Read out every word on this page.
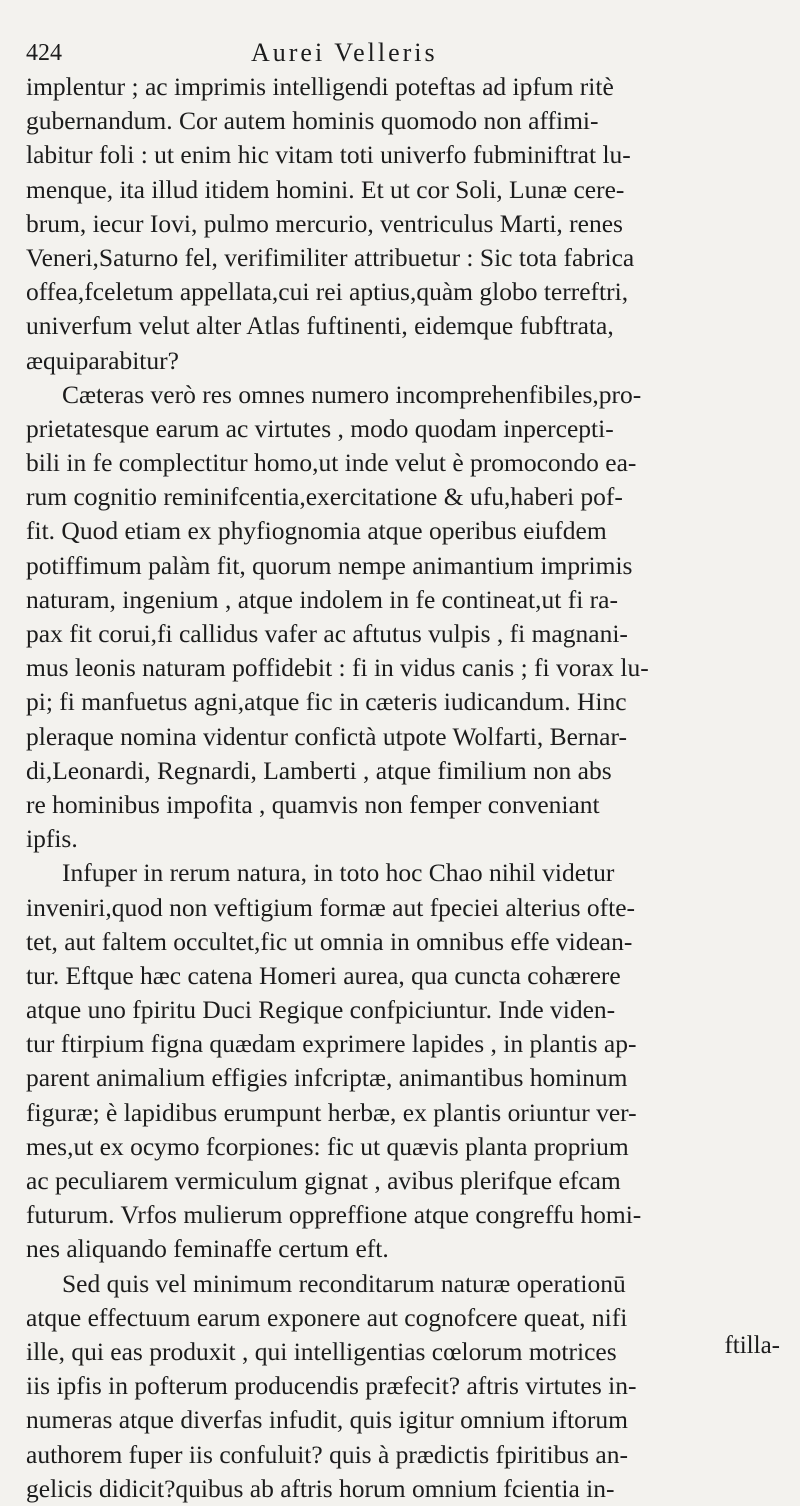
424	Aurei Velleris
implentur ; ac imprimis intelligendi poteftas ad ipfum ritè
gubernandum. Cor autem hominis quomodo non affimi-
labitur foli : ut enim hic vitam toti univerfo fubminiftrat lu-
menque, ita illud itidem homini. Et ut cor Soli, Lunæ cere-
brum, iecur Iovi, pulmo mercurio, ventriculus Marti, renes
Veneri,Saturno fel, verifimiliter attribuetur : Sic tota fabrica
offea,fceletum appellata,cui rei aptius,quàm globo terreftri,
univerfum velut alter Atlas fuftinenti, eidemque fubftrata,
æquiparabitur?
Cæteras verò res omnes numero incomprehenfibiles,pro-
prietatesque earum ac virtutes , modo quodam inpercepti-
bili in fe complectitur homo,ut inde velut è promocondo ea-
rum cognitio reminifcentia,exercitatione & ufu,haberi pof-
fit. Quod etiam ex phyfiognomia atque operibus eiufdem
potiffimum palàm fit, quorum nempe animantium imprimis
naturam, ingenium , atque indolem in fe contineat,ut fi ra-
pax fit corui,fi callidus vafer ac aftutus vulpis , fi magnani-
mus leonis naturam poffidebit : fi in vidus canis ; fi vorax lu-
pi; fi manfuetus agni,atque fic in cæteris iudicandum. Hinc
pleraque nomina videntur confictà utpote Wolfarti, Bernar-
di,Leonardi, Regnardi, Lamberti , atque fimilium non abs
re hominibus impofita , quamvis non femper conveniant
ipfis.
Infuper in rerum natura, in toto hoc Chao nihil videtur
inveniri,quod non veftigium formæ aut fpeciei alterius ofte-
tet, aut faltem occultet,fic ut omnia in omnibus effe videan-
tur. Eftque hæc catena Homeri aurea, qua cuncta cohærere
atque uno fpiritu Duci Regique confpiciuntur. Inde viden-
tur ftirpium figna quædam exprimere lapides , in plantis ap-
parent animalium effigies infcriptæ, animantibus hominum
figuræ; è lapidibus erumpunt herbæ, ex plantis oriuntur ver-
mes,ut ex ocymo fcorpiones: fic ut quævis planta proprium
ac peculiarem vermiculum gignat , avibus plerifque efcam
futurum. Vrfos mulierum oppreffione atque congreffu homi-
nes aliquando feminaffe certum eft.
Sed quis vel minimum reconditarum naturæ operationū
atque effectuum earum exponere aut cognofcere queat, nifi
ille, qui eas produxit , qui intelligentias cœlorum motrices
iis ipfis in pofterum producendis præfecit? aftris virtutes in-
numeras atque diverfas infudit, quis igitur omnium iftorum
authorem fuper iis confuluit? quis à prædictis fpiritibus an-
gelicis didicit?quibus ab aftris horum omnium fcientia in-
ftilla-
